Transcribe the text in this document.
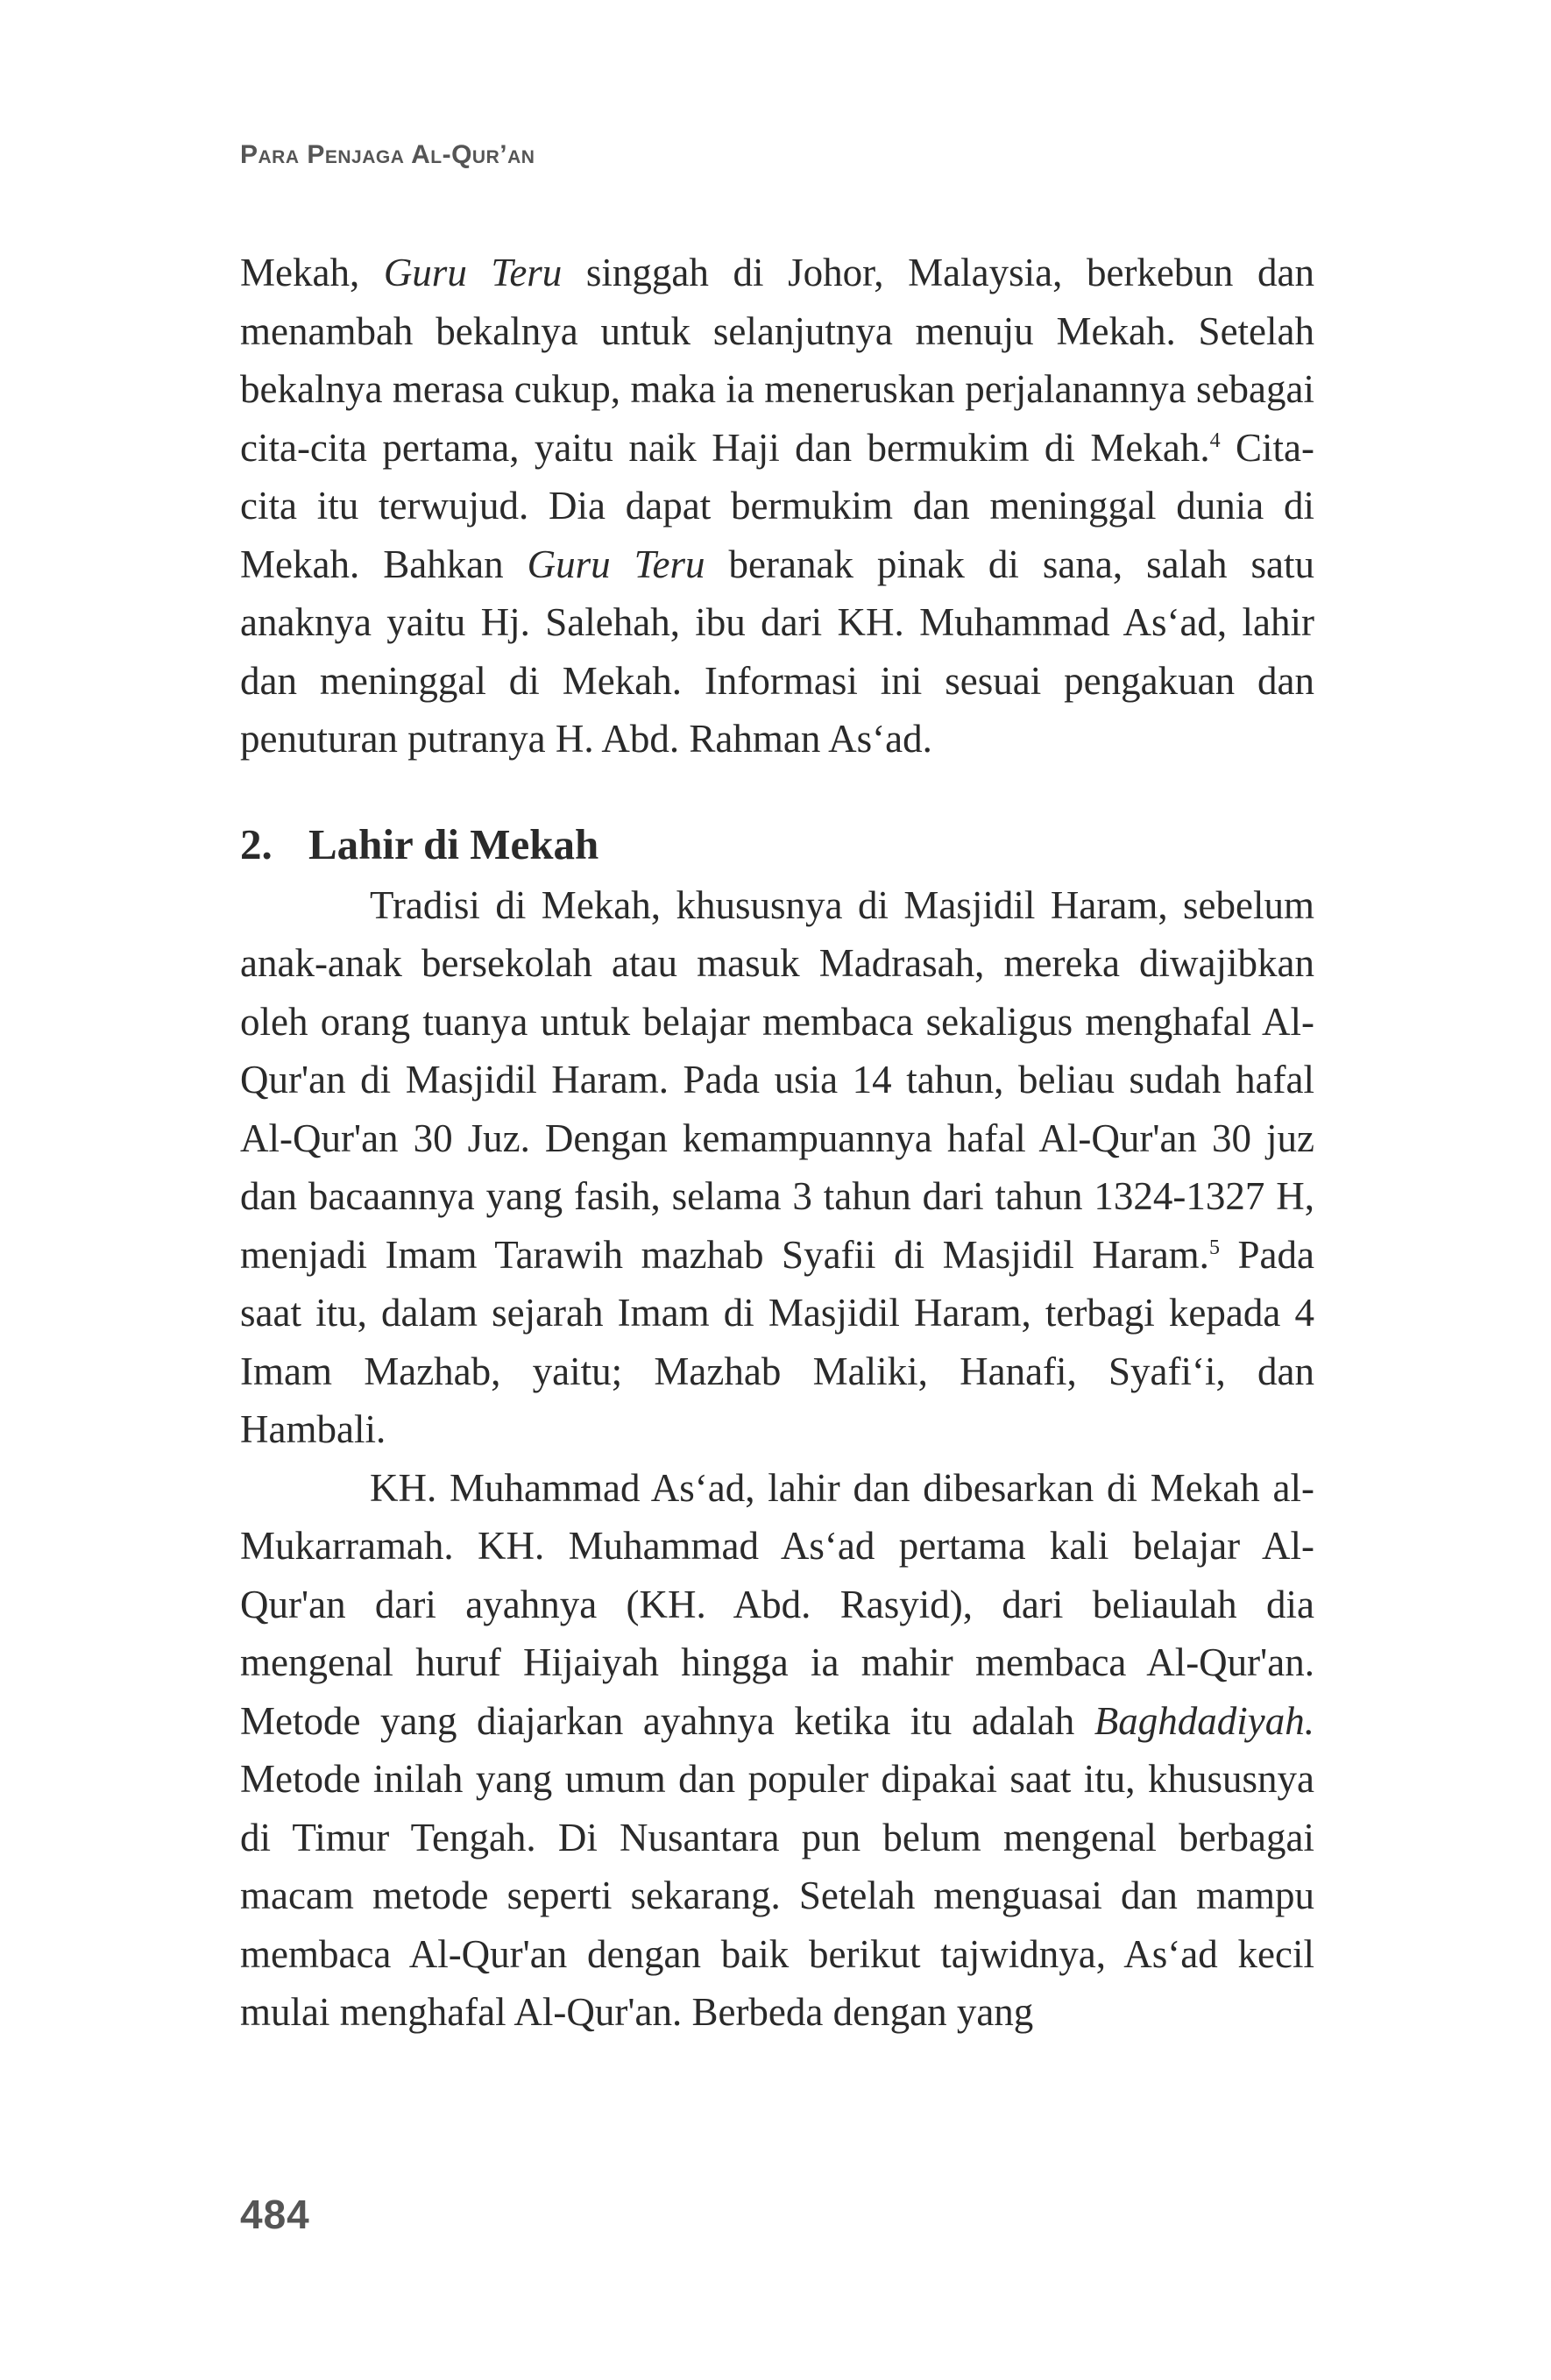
Para Penjaga Al-Qur’an

Mekah, Guru Teru singgah di Johor, Malaysia, berkebun dan menambah bekalnya untuk selanjutnya menuju Mekah. Setelah bekalnya merasa cukup, maka ia meneruskan perjalanannya sebagai cita-cita pertama, yaitu naik Haji dan bermukim di Mekah.$^4$ Cita-cita itu terwujud. Dia dapat bermukim dan meninggal dunia di Mekah. Bahkan Guru Teru beranak pinak di sana, salah satu anaknya yaitu Hj. Salehah, ibu dari KH. Muhammad As‘ad, lahir dan meninggal di Mekah. Informasi ini sesuai pengakuan dan penuturan putranya H. Abd. Rahman As‘ad.

2. Lahir di Mekah

Tradisi di Mekah, khususnya di Masjidil Haram, sebelum anak-anak bersekolah atau masuk Madrasah, mereka diwajibkan oleh orang tuanya untuk belajar membaca sekaligus menghafal Al-Qur'an di Masjidil Haram. Pada usia 14 tahun, beliau sudah hafal Al-Qur'an 30 Juz. Dengan kemampuannya hafal Al-Qur'an 30 juz dan bacaannya yang fasih, selama 3 tahun dari tahun 1324-1327 H, menjadi Imam Tarawih mazhab Syafii di Masjidil Haram.$^5$ Pada saat itu, dalam sejarah Imam di Masjidil Haram, terbagi kepada 4 Imam Mazhab, yaitu; Mazhab Maliki, Hanafi, Syafi‘i, dan Hambali.

KH. Muhammad As‘ad, lahir dan dibesarkan di Mekah al-Mukarramah. KH. Muhammad As‘ad pertama kali belajar Al-Qur'an dari ayahnya (KH. Abd. Rasyid), dari beliaulah dia mengenal huruf Hijaiyah hingga ia mahir membaca Al-Qur'an. Metode yang diajarkan ayahnya ketika itu adalah Baghdadiyah. Metode inilah yang umum dan populer dipakai saat itu, khususnya di Timur Tengah. Di Nusantara pun belum mengenal berbagai macam metode seperti sekarang. Setelah menguasai dan mampu membaca Al-Qur'an dengan baik berikut tajwidnya, As‘ad kecil mulai menghafal Al-Qur'an. Berbeda dengan yang

484
